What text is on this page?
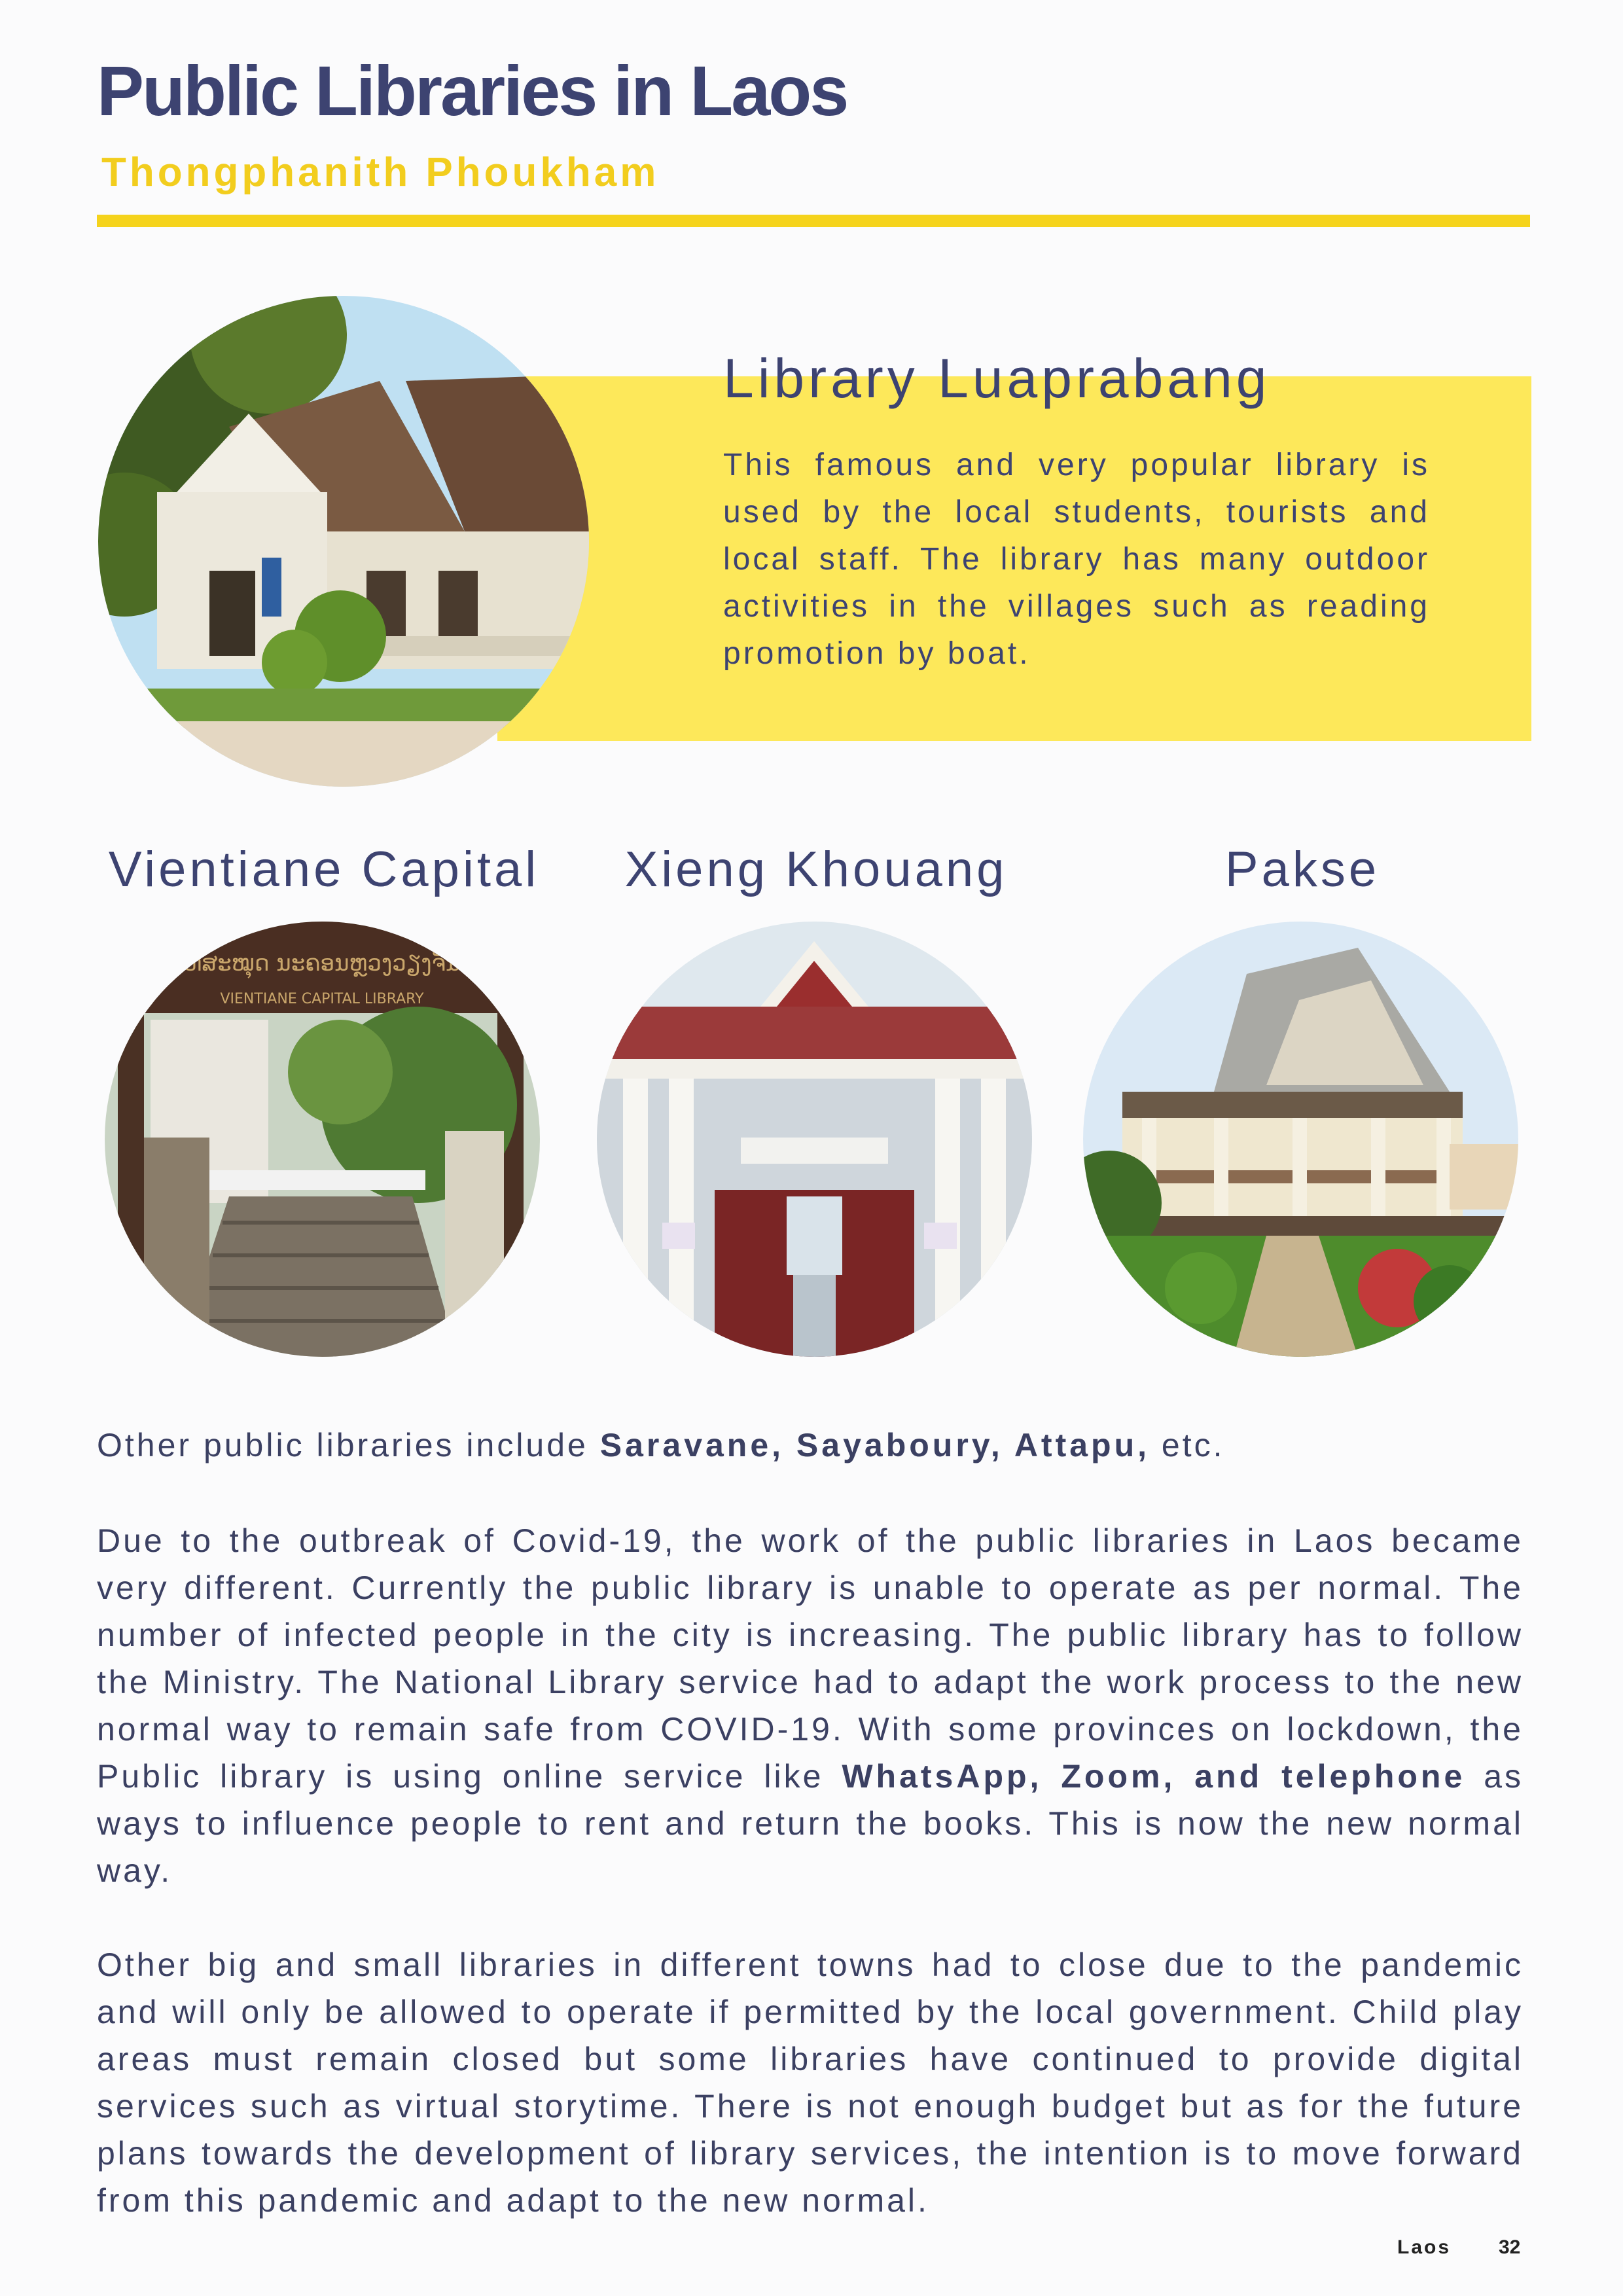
Public Libraries in Laos
Thongphanith Phoukham
Library Luaprabang
This famous and very popular library is used by the local students, tourists and local staff. The library has many outdoor activities in the villages such as reading promotion by boat.
Vientiane Capital	Xieng Khouang	Pakse
ຫໍສະໝຸດ ນະຄອນຫຼວງວຽງຈັນ
VIENTIANE CAPITAL LIBRARY

Other public libraries include Saravane, Sayaboury, Attapu, etc.

Due to the outbreak of Covid-19, the work of the public libraries in Laos became very different. Currently the public library is unable to operate as per normal. The number of infected people in the city is increasing. The public library has to follow the Ministry. The National Library service had to adapt the work process to the new normal way to remain safe from COVID-19. With some provinces on lockdown, the Public library is using online service like WhatsApp, Zoom, and telephone as ways to influence people to rent and return the books. This is now the new normal way.

Other big and small libraries in different towns had to close due to the pandemic and will only be allowed to operate if permitted by the local government. Child play areas must remain closed but some libraries have continued to provide digital services such as virtual storytime. There is not enough budget but as for the future plans towards the development of library services, the intention is to move forward from this pandemic and adapt to the new normal.

Laos 32
